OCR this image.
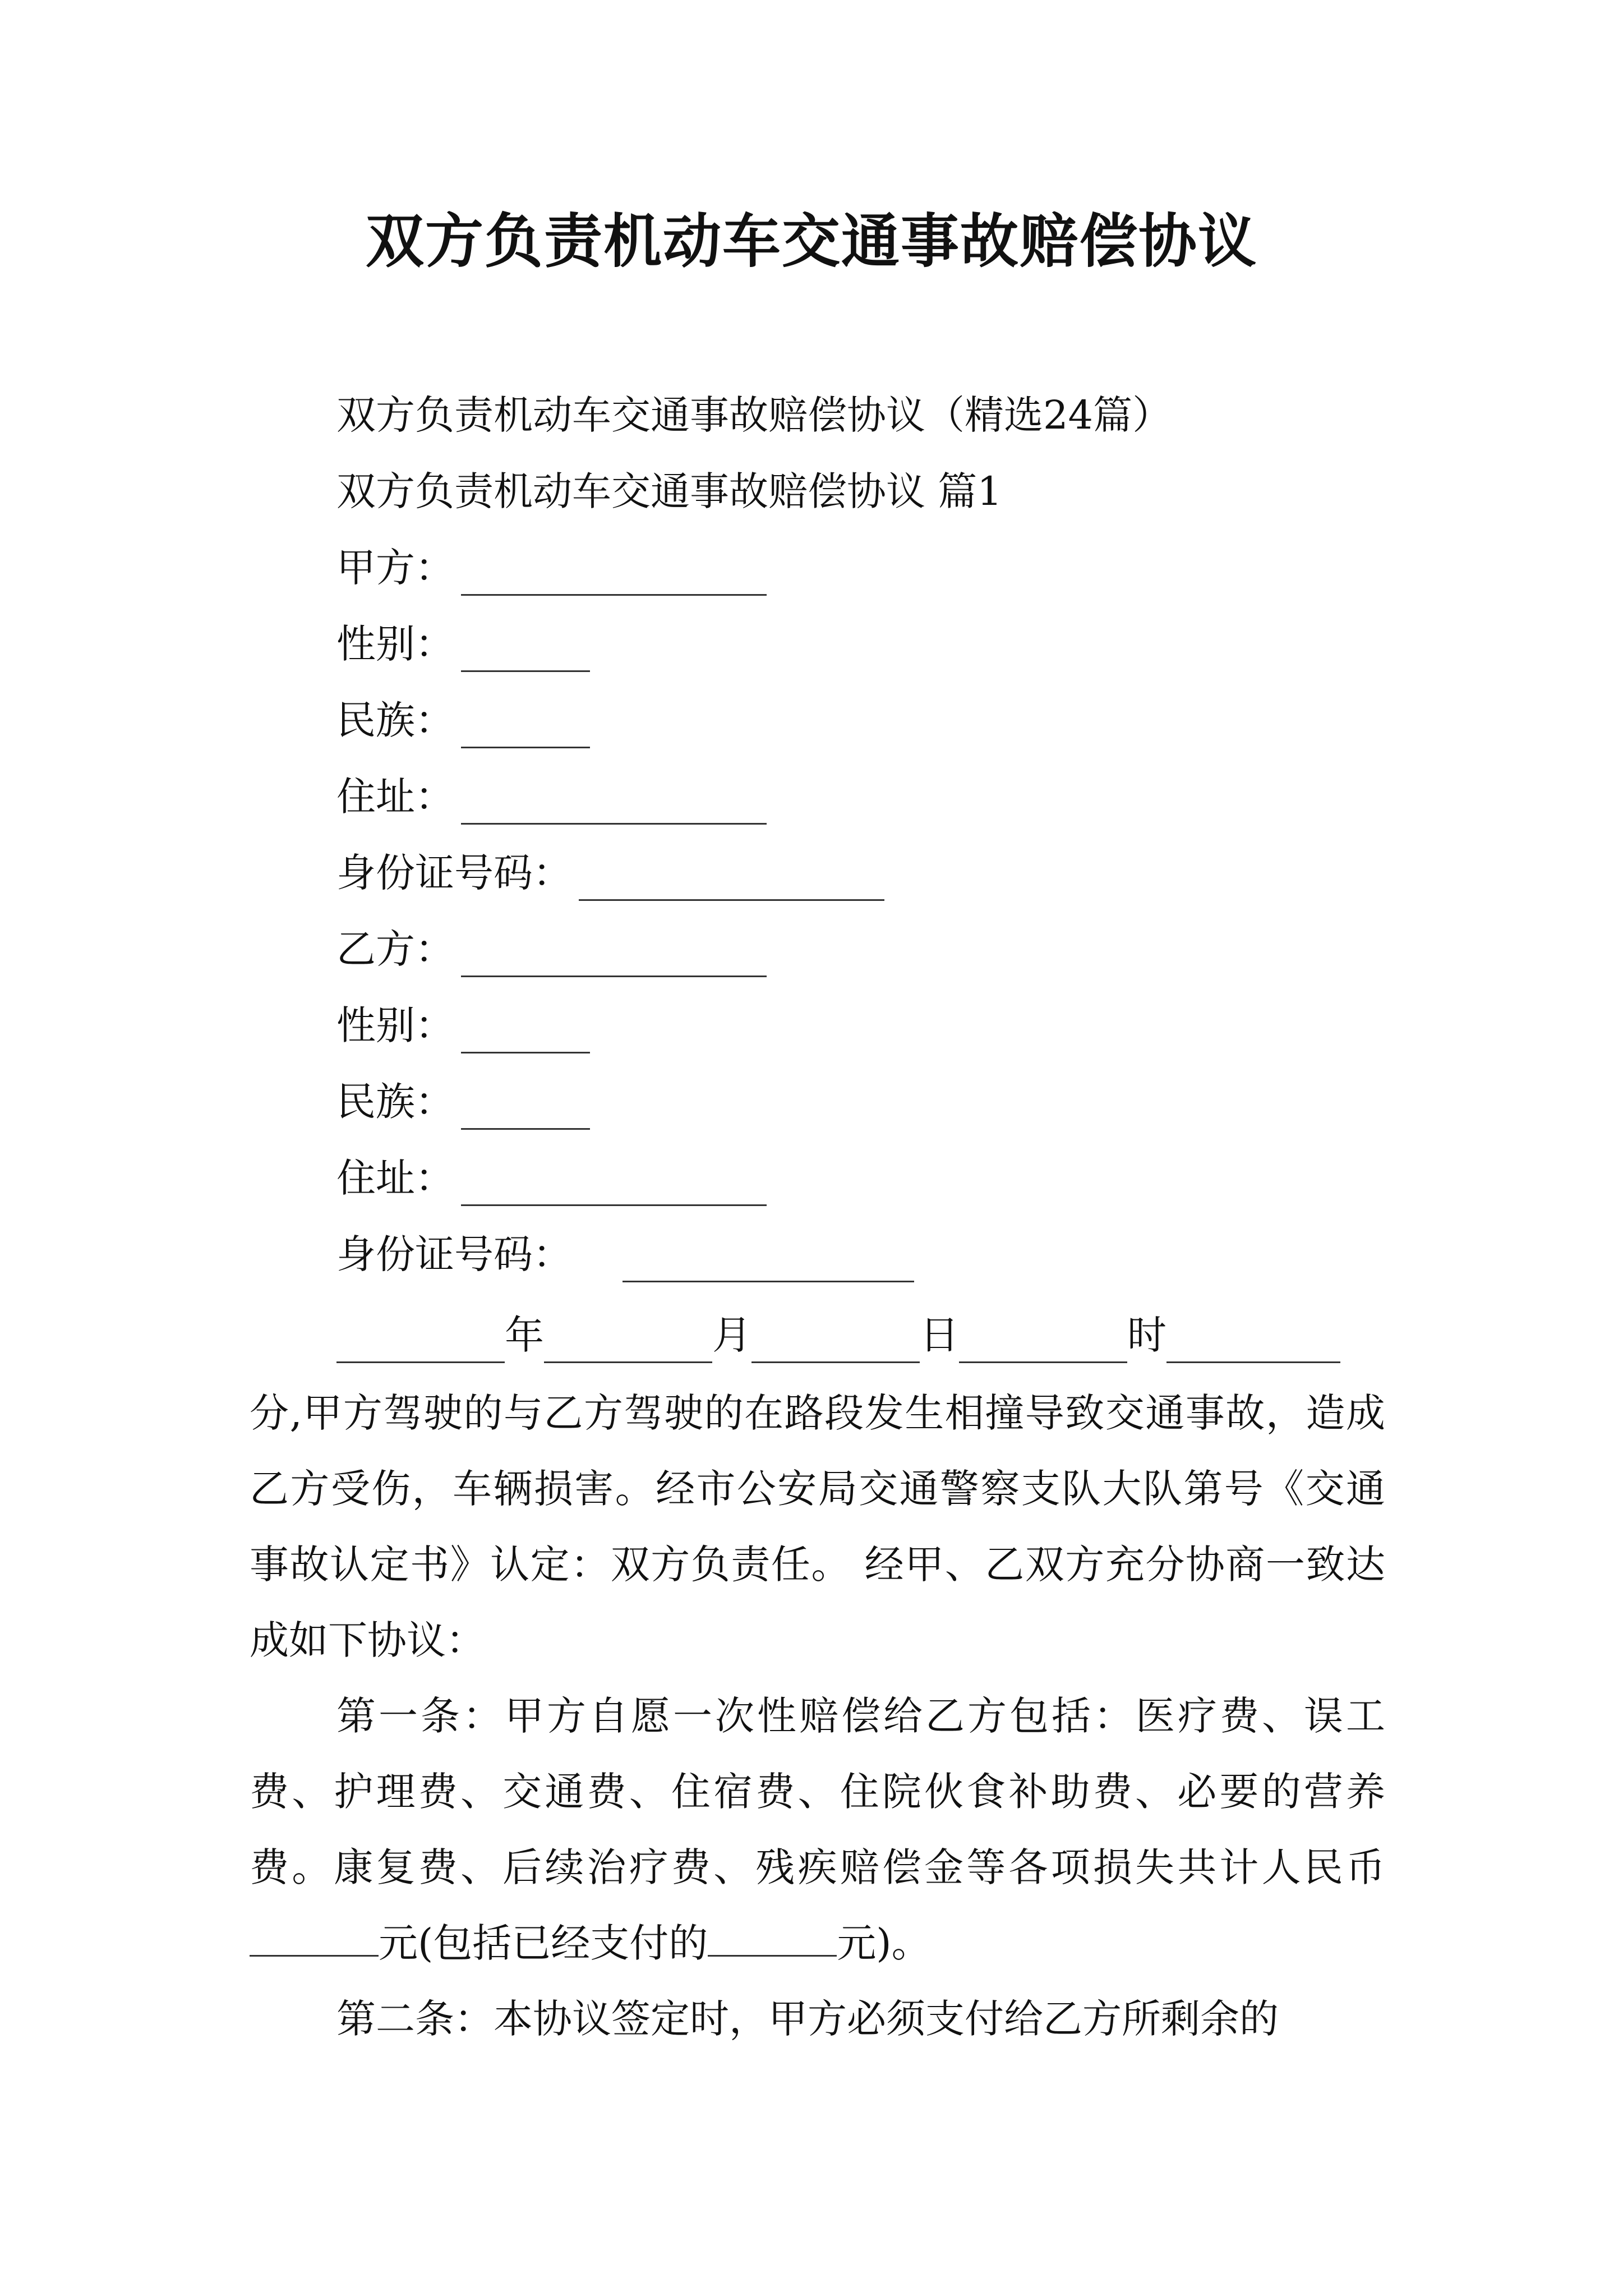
双方负责机动车交通事故赔偿协议
双方负责机动车交通事故赔偿协议（精选24篇）
双方负责机动车交通事故赔偿协议 篇1
甲方：
性别：
民族：
住址：
身份证号码：
乙方：
性别：
民族：
住址：
身份证号码：
年	月	日	时

分,甲方驾驶的与乙方驾驶的在路段发生相撞导致交通事故，造成乙方受伤，车辆损害。经市公安局交通警察支队大队第号《交通事故认定书》认定：双方负责任。 经甲、乙双方充分协商一致达成如下协议：

第一条：甲方自愿一次性赔偿给乙方包括：医疗费、误工费、护理费、交通费、住宿费、住院伙食补助费、必要的营养费。康复费、后续治疗费、残疾赔偿金等各项损失共计人民币 元(包括已经支付的	元)。

第二条：本协议签定时，甲方必须支付给乙方所剩余的
